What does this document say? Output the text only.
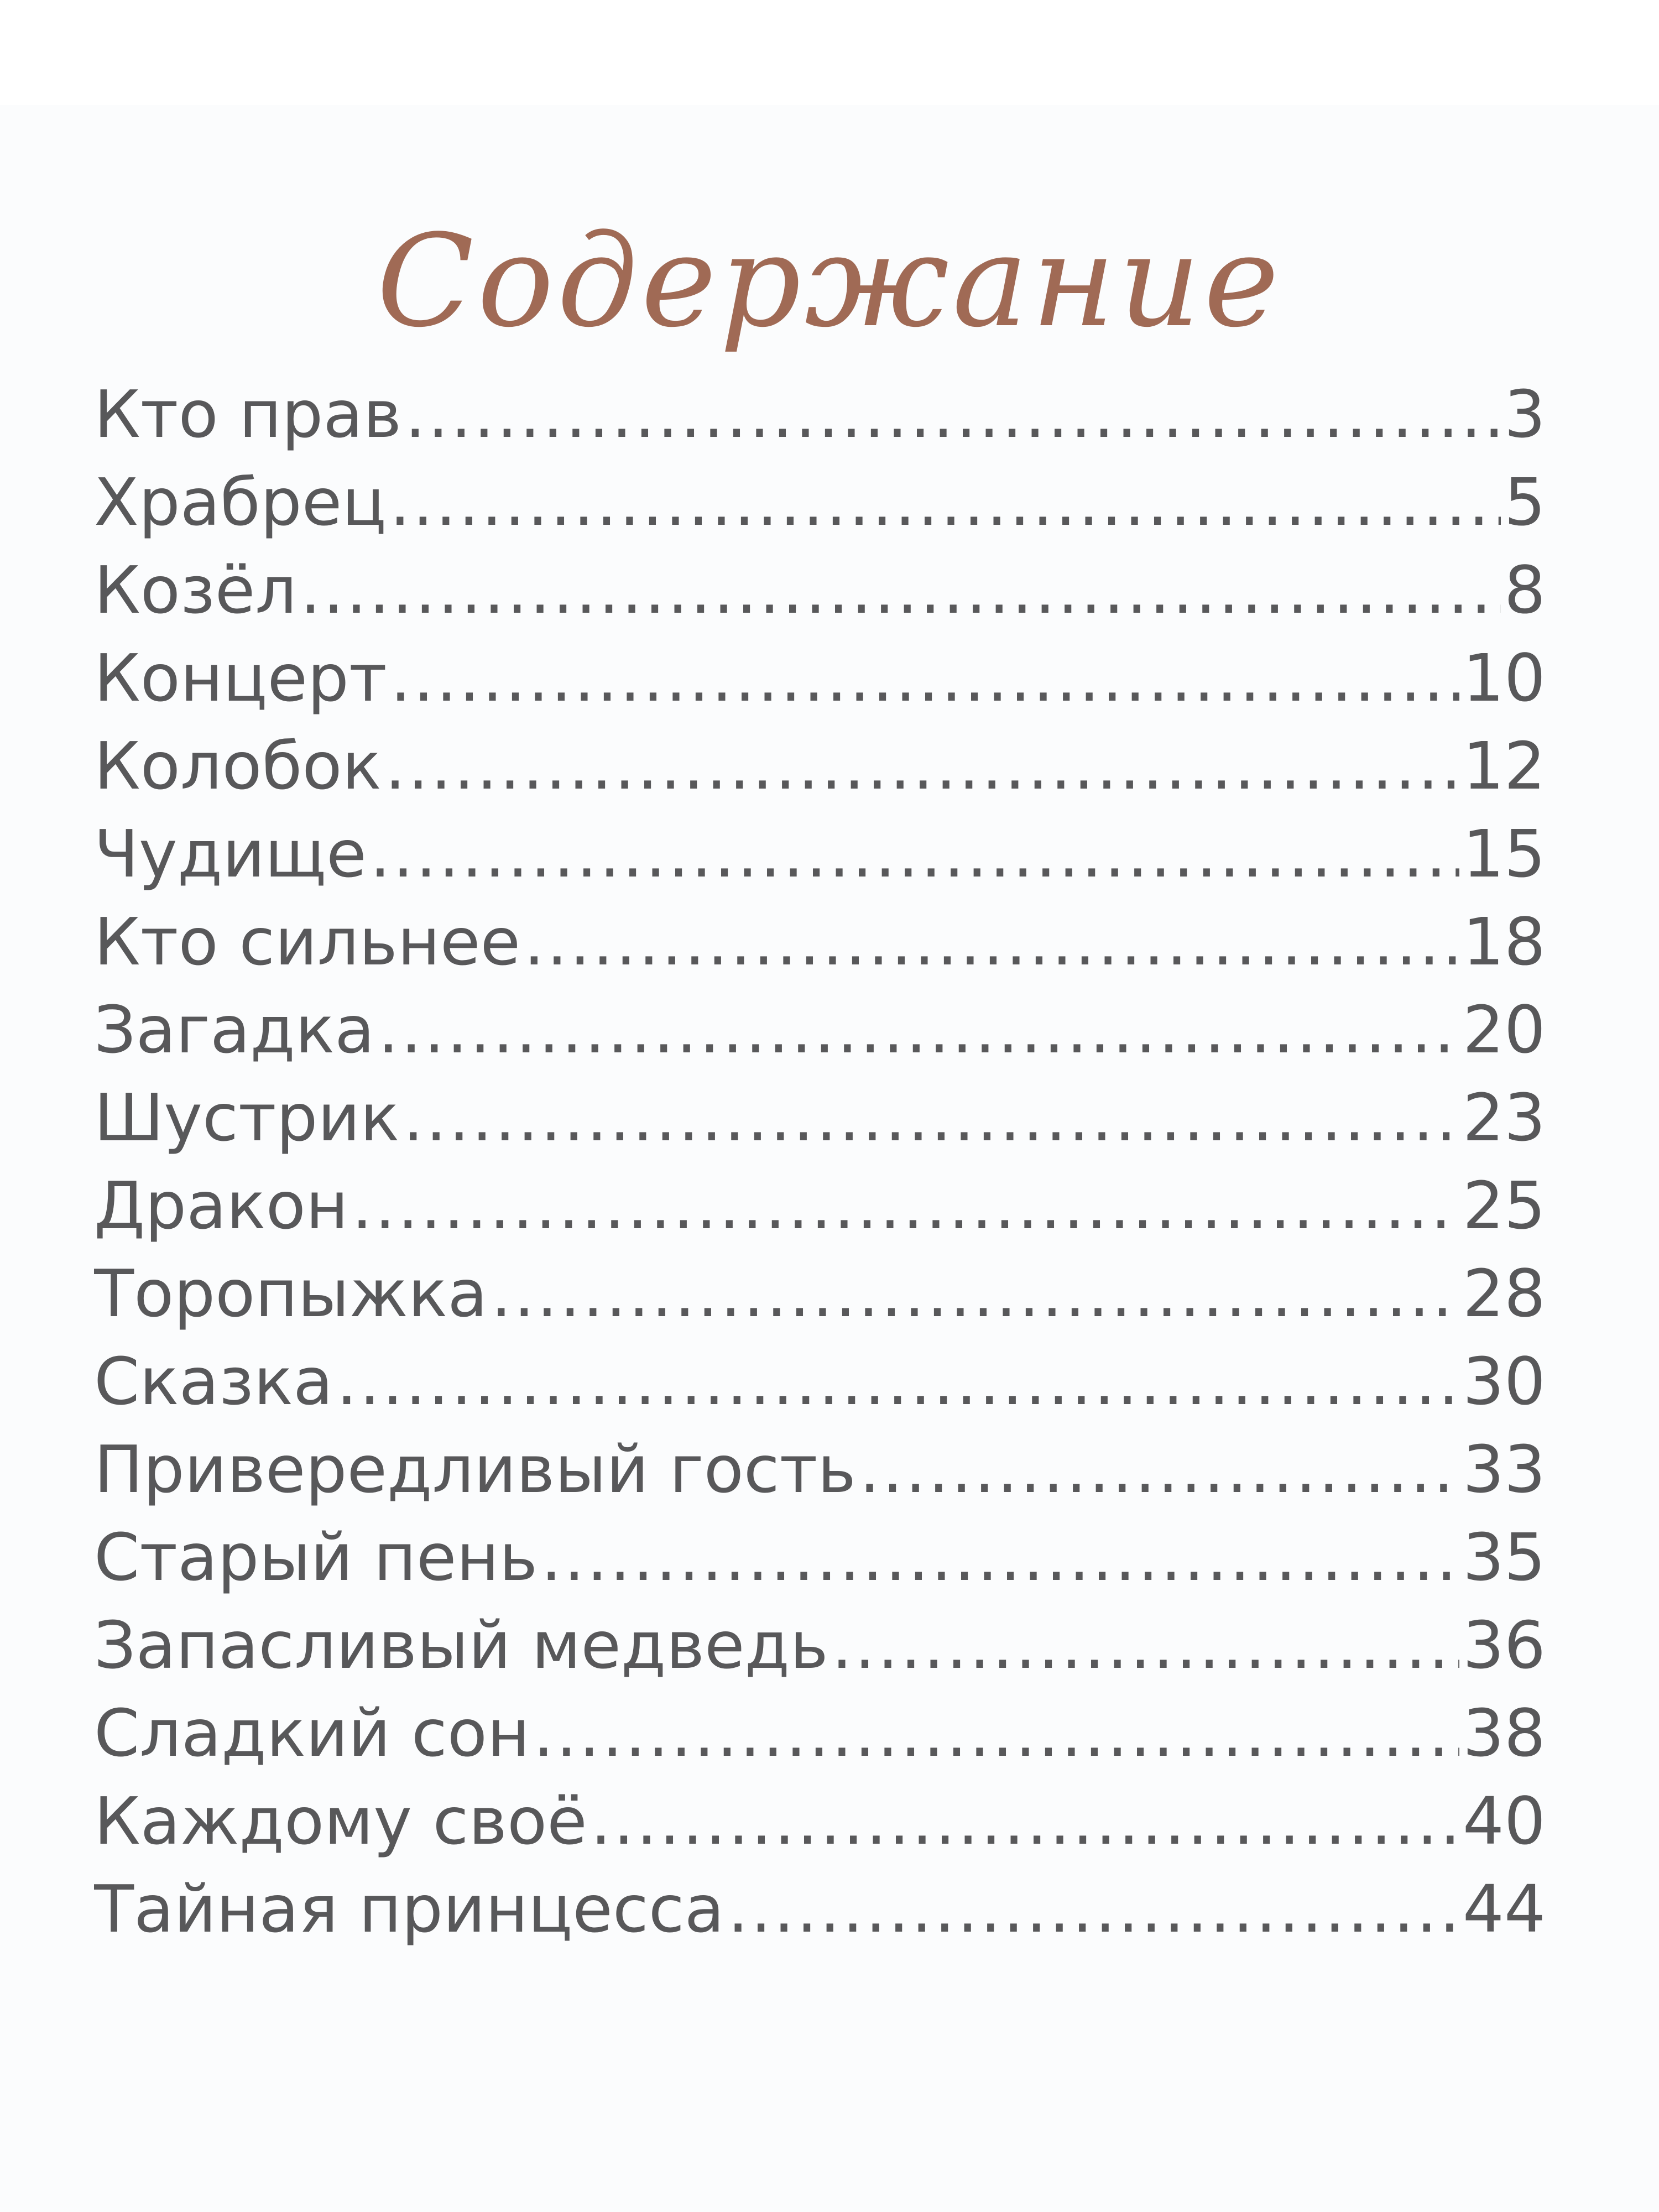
Содержание
Кто прав .....	3
Храбрец .....	5
Козёл .....	8
Концерт .....	10
Колобок .....	12
Чудище .....	15
Кто сильнее .....	18
Загадка .....	20
Шустрик .....	23
Дракон .....	25
Торопыжка .....	28
Сказка .....	30
Привередливый гость .....	33
Старый пень .....	35
Запасливый медведь .....	36
Сладкий сон .....	38
Каждому своё .....	40
Тайная принцесса .....	44
